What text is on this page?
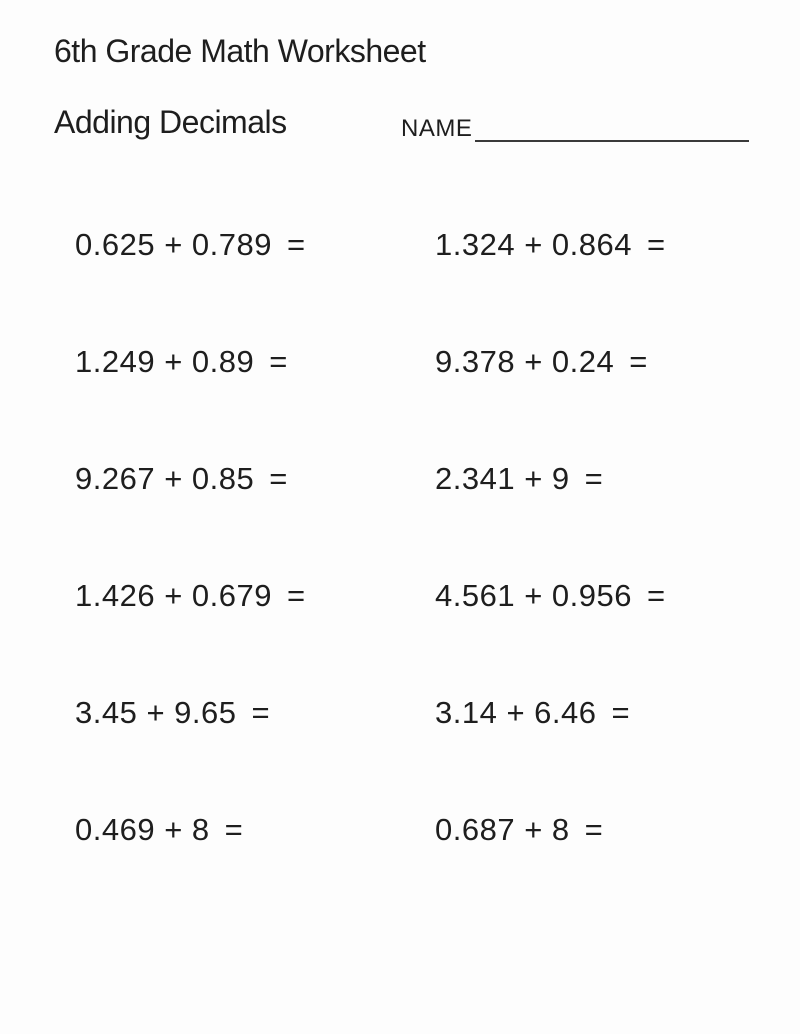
6th Grade Math Worksheet
Adding Decimals	NAME
0.625 + 0.789 =	1.324 + 0.864 =
1.249 + 0.89 =	9.378 + 0.24 =
9.267 + 0.85 =	2.341 + 9 =
1.426 + 0.679 =	4.561 + 0.956 =
3.45 + 9.65 =	3.14 + 6.46 =
0.469 + 8 =	0.687 + 8 =
